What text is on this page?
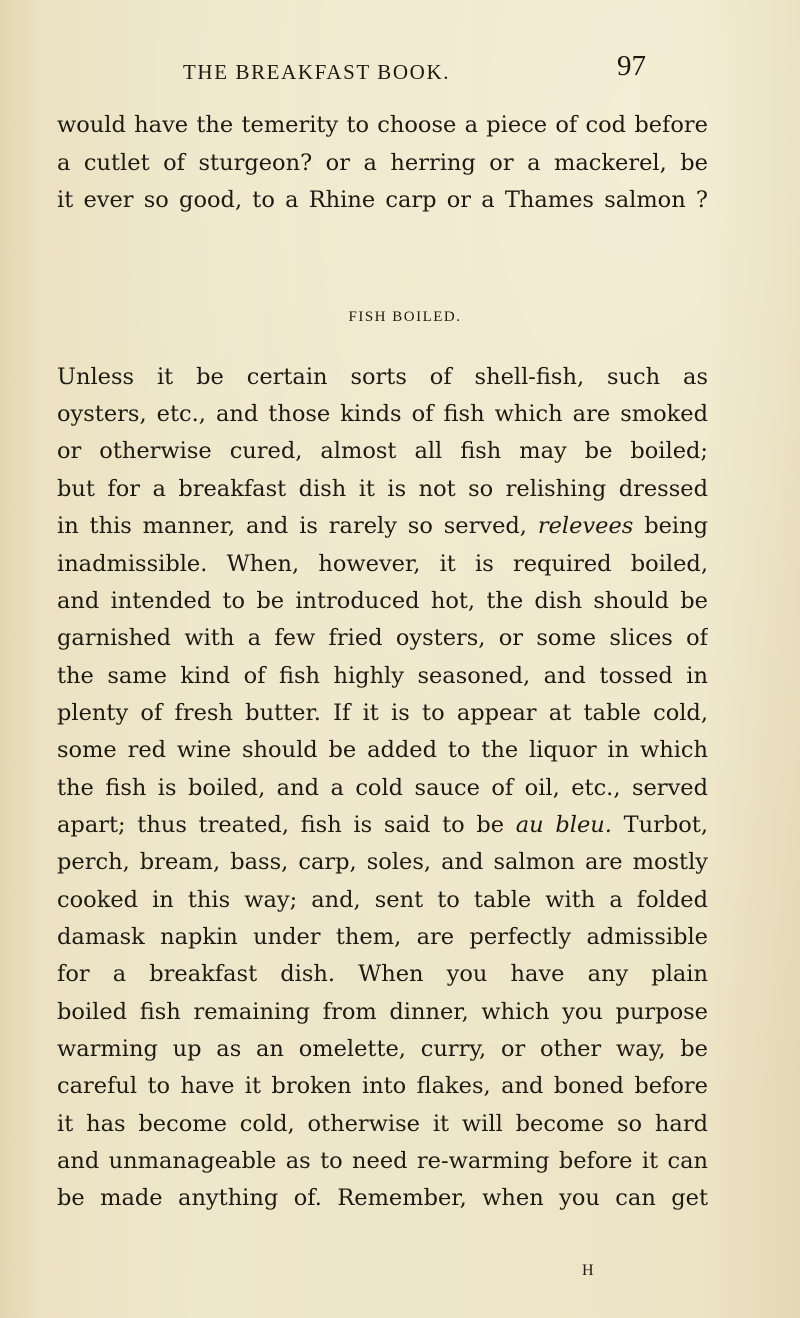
THE BREAKFAST BOOK.	97
would have the temerity to choose a piece of cod before
a cutlet of sturgeon? or a herring or a mackerel, be
it ever so good, to a Rhine carp or a Thames salmon ?
FISH BOILED.
Unless it be certain sorts of shell-fish, such as
oysters, etc., and those kinds of fish which are smoked
or otherwise cured, almost all fish may be boiled;
but for a breakfast dish it is not so relishing dressed
in this manner, and is rarely so served, relevees being
inadmissible. When, however, it is required boiled,
and intended to be introduced hot, the dish should be
garnished with a few fried oysters, or some slices of
the same kind of fish highly seasoned, and tossed in
plenty of fresh butter. If it is to appear at table cold,
some red wine should be added to the liquor in which
the fish is boiled, and a cold sauce of oil, etc., served
apart; thus treated, fish is said to be au bleu. Turbot,
perch, bream, bass, carp, soles, and salmon are mostly
cooked in this way; and, sent to table with a folded
damask napkin under them, are perfectly admissible
for a breakfast dish. When you have any plain
boiled fish remaining from dinner, which you purpose
warming up as an omelette, curry, or other way, be
careful to have it broken into flakes, and boned before
it has become cold, otherwise it will become so hard
and unmanageable as to need re-warming before it can
be made anything of. Remember, when you can get
H
